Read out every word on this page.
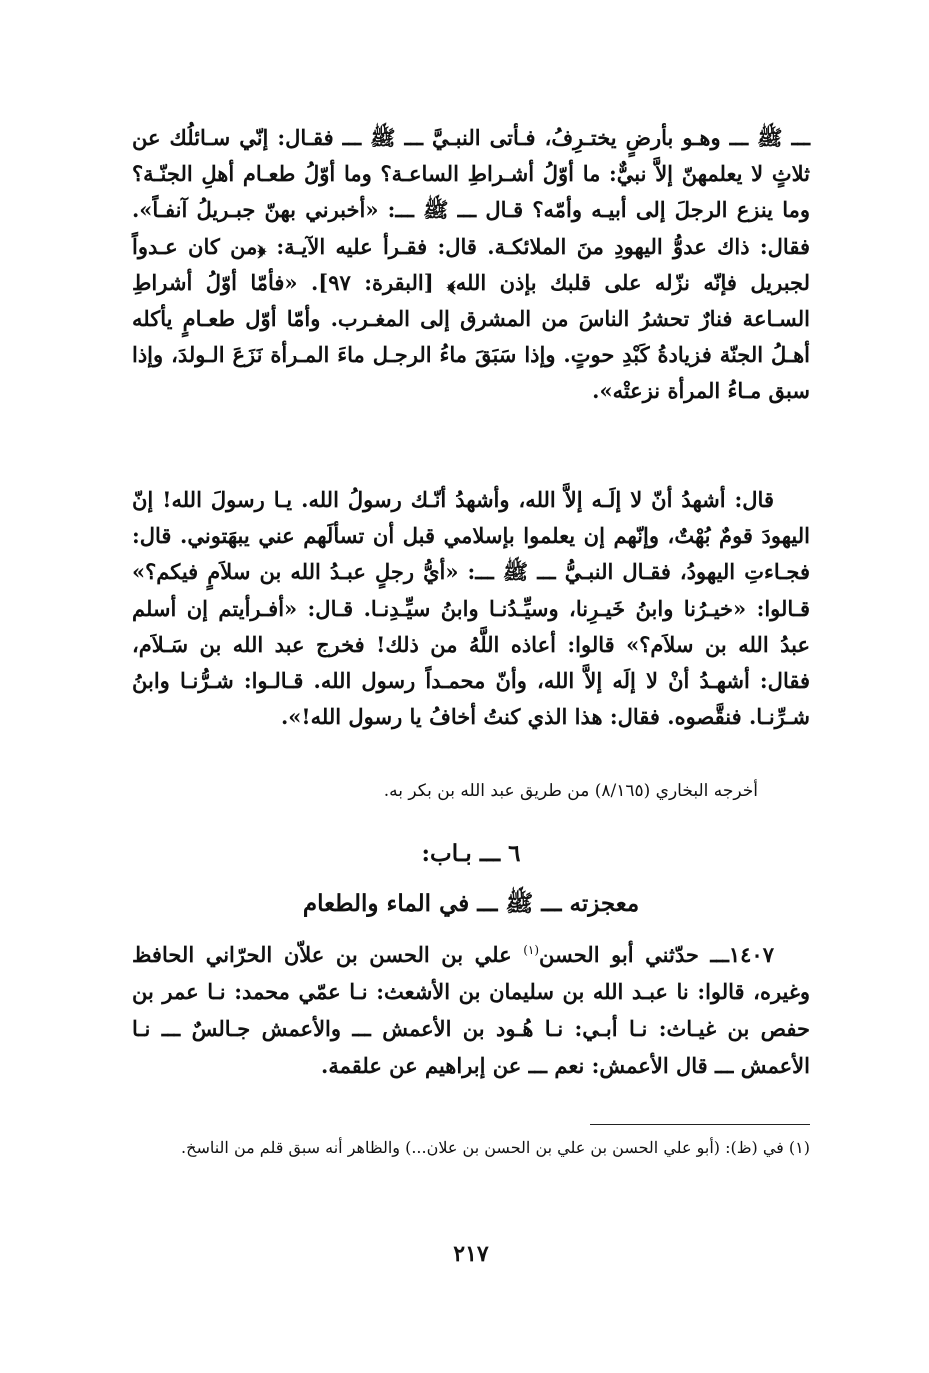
ـــ ﷺ ـــ وهـو بأرضٍ يختـرِفُ، فـأتى النبـيَّ ـــ ﷺ ـــ فقـال: إنّي سـائلُك عن ثلاثٍ لا يعلمهنّ إلاَّ نبيٌّ: ما أوّلُ أشـراطِ الساعـة؟ وما أوّلُ طعـام أهلِ الجنّـة؟ وما ينزع الرجلَ إلى أبيـه وأمّه؟ قـال ـــ ﷺ ـــ: «أخبرني بهنّ جبـريلُ آنفـاً». فقال: ذاك عدوُّ اليهودِ منَ الملائكـة. قال: فقـرأ عليه الآيـة: ﴿من كان عـدواً لجبريل فإنّه نزّله على قلبك بإذن الله﴾ [البقرة: ٩٧]. «فأمّا أوّلُ أشراطِ السـاعة فنارٌ تحشرُ الناسَ من المشرق إلى المغـرب. وأمّا أوّل طعـامٍ يأكله أهـلُ الجنّة فزيادةُ كَبْدِ حوتٍ. وإذا سَبَقَ ماءُ الرجـل ماءَ المـرأة نَزَعَ الـولدَ، وإذا سبق مـاءُ المرأة نزعتْه».
قال: أشهدُ أنّ لا إلَـه إلاَّ الله، وأشهدُ أنّـك رسولُ الله. يـا رسولَ الله! إنّ اليهودَ قومٌ بُهْتٌ، وإنّهم إن يعلموا بإسلامي قبل أن تسألَهم عني يبهَتوني. قال: فجـاءتِ اليهودُ، فقـال النبـيُّ ـــ ﷺ ـــ: «أيُّ رجلٍ عبـدُ الله بن سلاَمٍ فيكم؟» قـالوا: «خيـرُنا وابنُ خَيـرِنا، وسيِّـدُنـا وابنُ سيِّـدِنـا. قـال: «أفـرأيتم إن أسلم عبدُ الله بن سلاَم؟» قالوا: أعاذه اللَّهُ من ذلك! فخرج عبد الله بن سَـلاَم، فقال: أشهـدُ أنْ لا إلَه إلاَّ الله، وأنّ محمـداً رسول الله. قـالـوا: شـرُّنـا وابنُ شـرِّنـا. فنقَّصوه. فقال: هذا الذي كنتُ أخافُ يا رسول الله!».
أخرجه البخاري (٨/١٦٥) من طريق عبد الله بن بكر به.
٦ ـــ بـاب:
معجزته ـــ ﷺ ـــ في الماء والطعام
١٤٠٧ـــ حدّثني أبو الحسن$^{(١)}$ علي بن الحسن بن علاّن الحرّاني الحافظ وغيره، قالوا: نا عبـد الله بن سليمان بن الأشعث: نـا عمّي محمد: نـا عمر بن حفص بن غيـاث: نـا أبـي: نـا هُـود بن الأعمش ـــ والأعمش جـالسٌ ـــ نـا الأعمش ـــ قال الأعمش: نعم ـــ عن إبراهيم عن علقمة.
(١) في (ظ): (أبو علي الحسن بن علي بن الحسن بن علان...) والظاهر أنه سبق قلم من الناسخ.
٢١٧
